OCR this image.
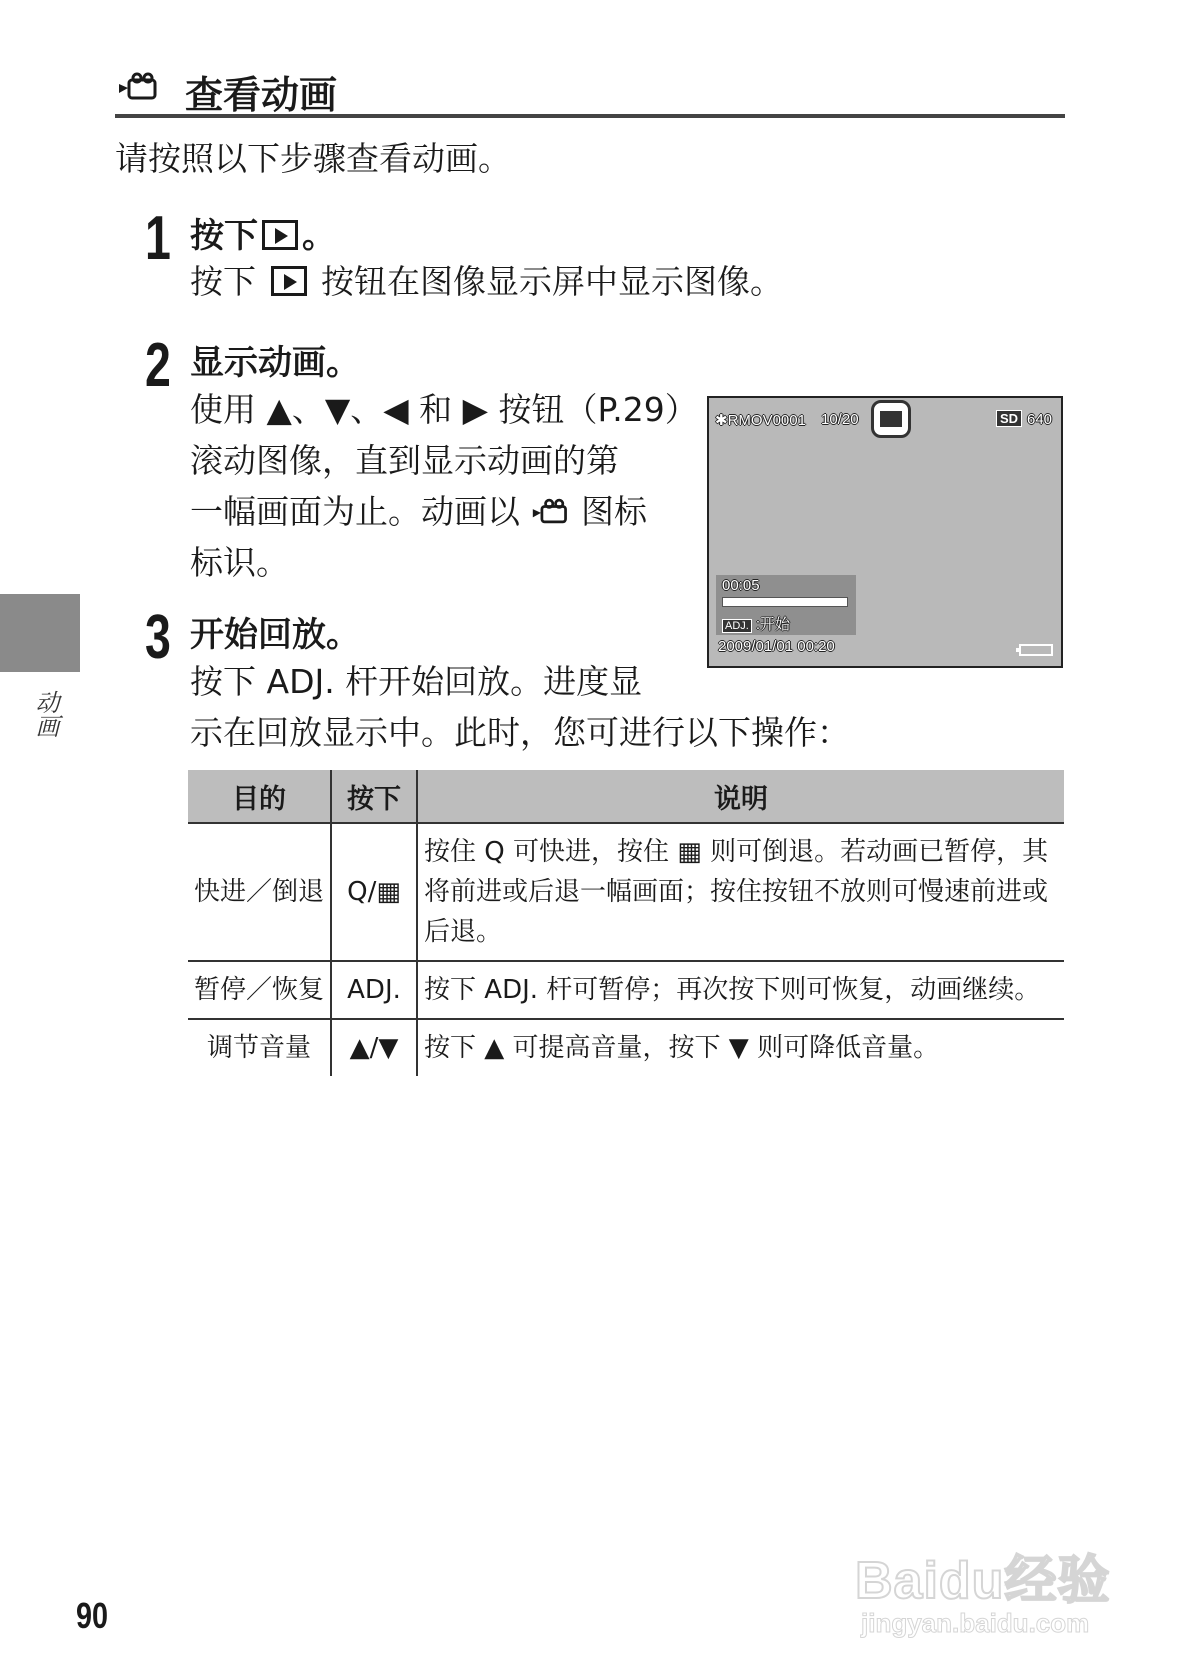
查看动画
请按照以下步骤查看动画。
1 按下 。
按下 按钮在图像显示屏中显示图像。
2 显示动画。
使用 ▲、▼、◀ 和 ▶ 按钮（P.29）
滚动图像，直到显示动画的第
一幅画面为止。动画以 图标
标识。
✱RMOV0001 10/20	SD 640
00:05
ADJ. :开始
2009/01/01 00:20
3 开始回放。
按下 ADJ. 杆开始回放。进度显
示在回放显示中。此时，您可进行以下操作：
动画
目的	按下	说明
快进／倒退	Q/▦	按住 Q 可快进，按住 ▦ 则可倒退。若动画已暂停，其将前进或后退一幅画面；按住按钮不放则可慢速前进或后退。
暂停／恢复	ADJ.	按下 ADJ. 杆可暂停；再次按下则可恢复，动画继续。
调节音量	▲/▼	按下 ▲ 可提高音量，按下 ▼ 则可降低音量。
90
Baidu经验
jingyan.baidu.com
